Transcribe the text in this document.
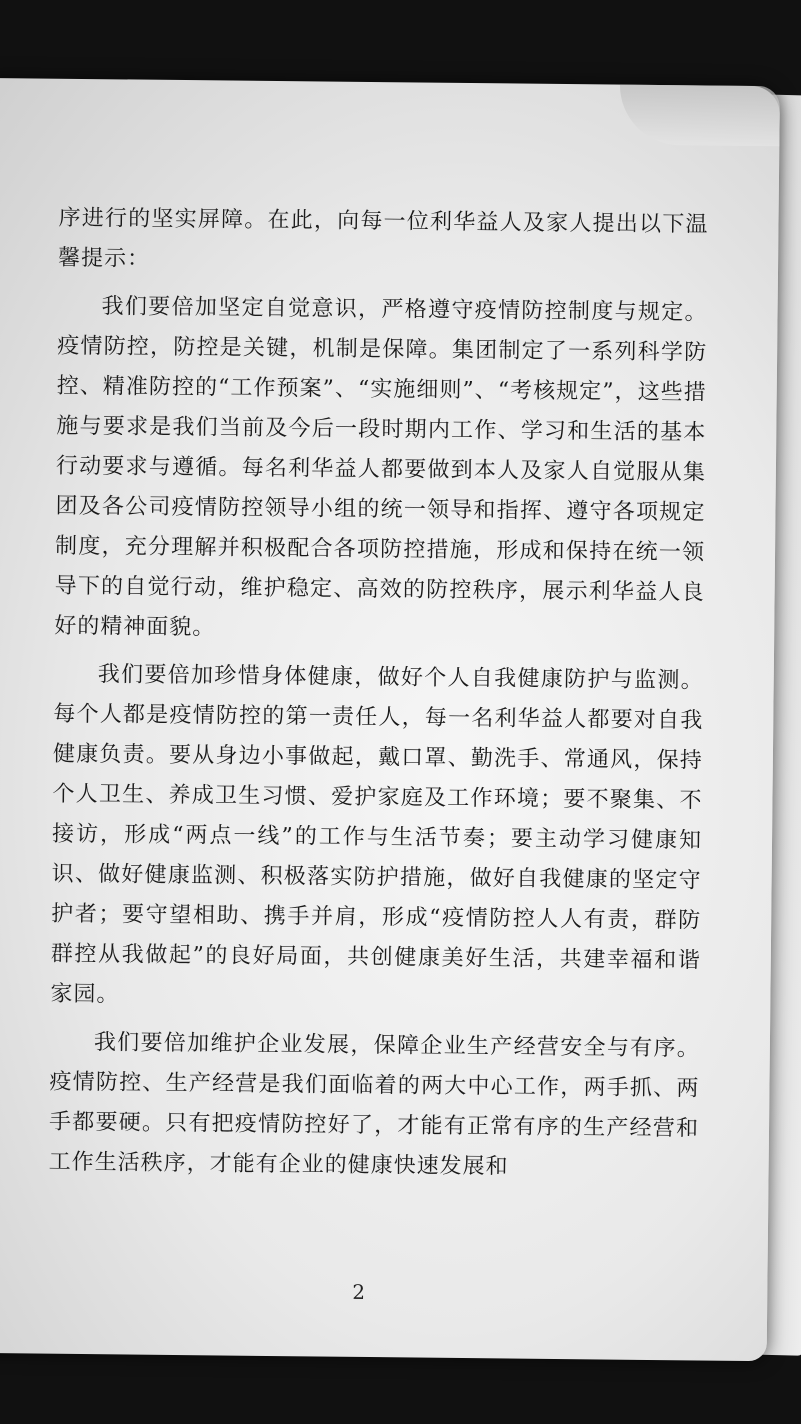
序进行的坚实屏障。在此，向每一位利华益人及家人提出以下温馨提示：

我们要倍加坚定自觉意识，严格遵守疫情防控制度与规定。疫情防控，防控是关键，机制是保障。集团制定了一系列科学防控、精准防控的“工作预案”、“实施细则”、“考核规定”，这些措施与要求是我们当前及今后一段时期内工作、学习和生活的基本行动要求与遵循。每名利华益人都要做到本人及家人自觉服从集团及各公司疫情防控领导小组的统一领导和指挥、遵守各项规定制度，充分理解并积极配合各项防控措施，形成和保持在统一领导下的自觉行动，维护稳定、高效的防控秩序，展示利华益人良好的精神面貌。

我们要倍加珍惜身体健康，做好个人自我健康防护与监测。每个人都是疫情防控的第一责任人，每一名利华益人都要对自我健康负责。要从身边小事做起，戴口罩、勤洗手、常通风，保持个人卫生、养成卫生习惯、爱护家庭及工作环境；要不聚集、不接访，形成“两点一线”的工作与生活节奏；要主动学习健康知识、做好健康监测、积极落实防护措施，做好自我健康的坚定守护者；要守望相助、携手并肩，形成“疫情防控人人有责，群防群控从我做起”的良好局面，共创健康美好生活，共建幸福和谐家园。

我们要倍加维护企业发展，保障企业生产经营安全与有序。疫情防控、生产经营是我们面临着的两大中心工作，两手抓、两手都要硬。只有把疫情防控好了，才能有正常有序的生产经营和工作生活秩序，才能有企业的健康快速发展和

2
